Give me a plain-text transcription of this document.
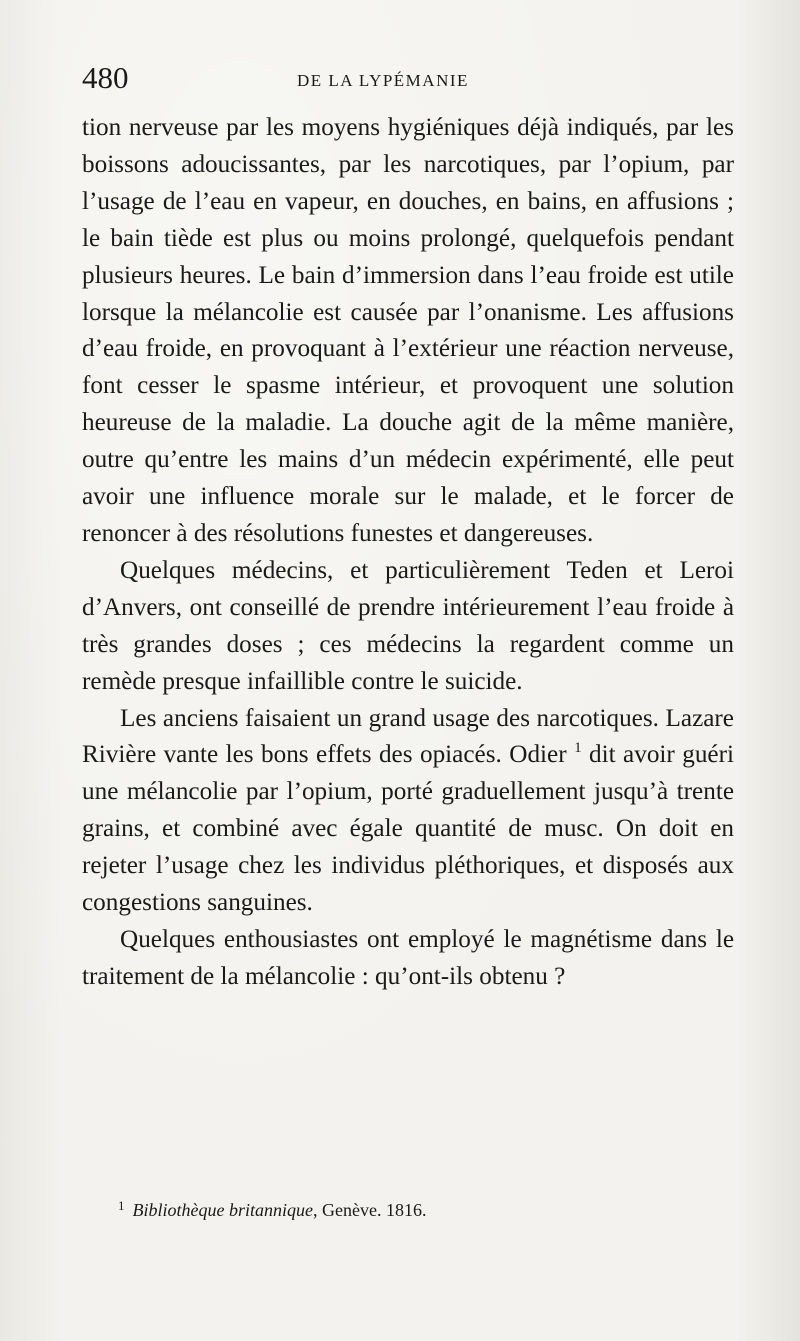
480	DE LA LYPÉMANIE

tion nerveuse par les moyens hygiéniques déjà indiqués, par les boissons adoucissantes, par les narcotiques, par l’opium, par l’usage de l’eau en vapeur, en douches, en bains, en affusions ; le bain tiède est plus ou moins prolongé, quelquefois pendant plusieurs heures. Le bain d’immersion dans l’eau froide est utile lorsque la mélancolie est causée par l’onanisme. Les affusions d’eau froide, en provoquant à l’extérieur une réaction nerveuse, font cesser le spasme intérieur, et provoquent une solution heureuse de la maladie. La douche agit de la même manière, outre qu’entre les mains d’un médecin expérimenté, elle peut avoir une influence morale sur le malade, et le forcer de renoncer à des résolutions funestes et dangereuses.

Quelques médecins, et particulièrement Teden et Leroi d’Anvers, ont conseillé de prendre intérieurement l’eau froide à très grandes doses ; ces médecins la regardent comme un remède presque infaillible contre le suicide.

Les anciens faisaient un grand usage des narcotiques. Lazare Rivière vante les bons effets des opiacés. Odier $^1$ dit avoir guéri une mélancolie par l’opium, porté graduellement jusqu’à trente grains, et combiné avec égale quantité de musc. On doit en rejeter l’usage chez les individus pléthoriques, et disposés aux congestions sanguines.

Quelques enthousiastes ont employé le magnétisme dans le traitement de la mélancolie : qu’ont-ils obtenu ?

$^1$ Bibliothèque britannique, Genève. 1816.
